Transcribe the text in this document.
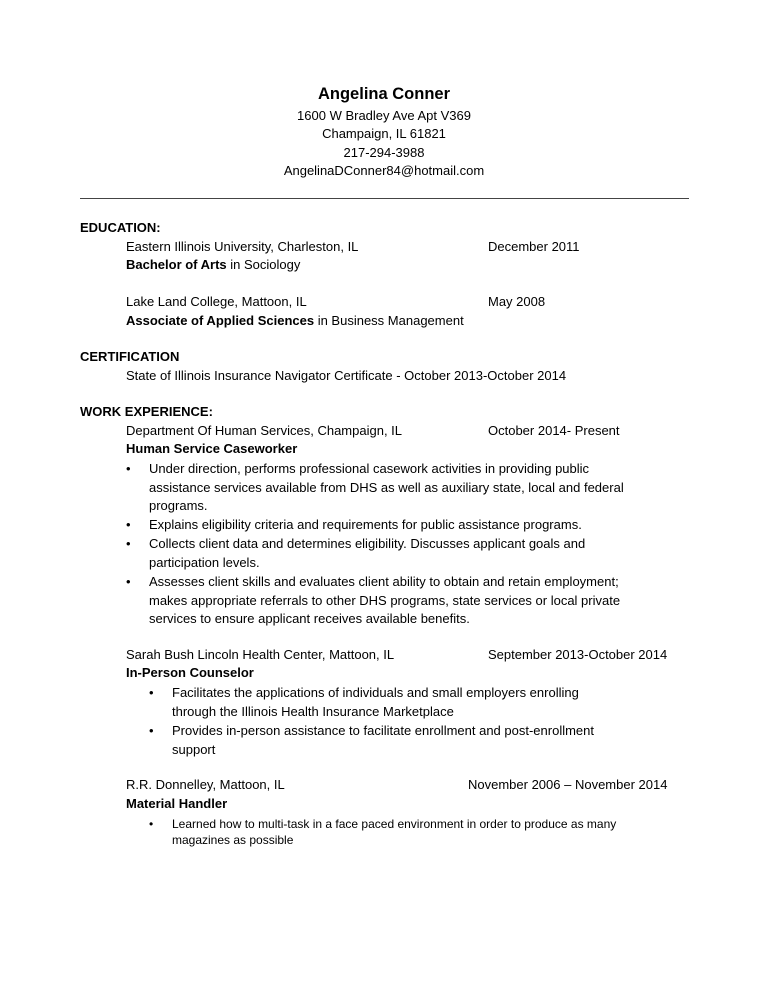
Angelina Conner
1600 W Bradley Ave Apt V369
Champaign, IL 61821
217-294-3988
AngelinaDConner84@hotmail.com
EDUCATION:
Eastern Illinois University, Charleston, IL	December 2011
Bachelor of Arts in Sociology
Lake Land College, Mattoon, IL	May 2008
Associate of Applied Sciences in Business Management
CERTIFICATION
State of Illinois Insurance Navigator Certificate - October 2013-October 2014
WORK EXPERIENCE:
Department Of Human Services, Champaign, IL	October 2014- Present
Human Service Caseworker
• Under direction, performs professional casework activities in providing public
assistance services available from DHS as well as auxiliary state, local and federal
programs.
• Explains eligibility criteria and requirements for public assistance programs.
• Collects client data and determines eligibility. Discusses applicant goals and
participation levels.
• Assesses client skills and evaluates client ability to obtain and retain employment;
makes appropriate referrals to other DHS programs, state services or local private
services to ensure applicant receives available benefits.
Sarah Bush Lincoln Health Center, Mattoon, IL	September 2013-October 2014
In-Person Counselor
• Facilitates the applications of individuals and small employers enrolling
through the Illinois Health Insurance Marketplace
• Provides in-person assistance to facilitate enrollment and post-enrollment
support
R.R. Donnelley, Mattoon, IL	November 2006 – November 2014
Material Handler
• Learned how to multi-task in a face paced environment in order to produce as many
magazines as possible
